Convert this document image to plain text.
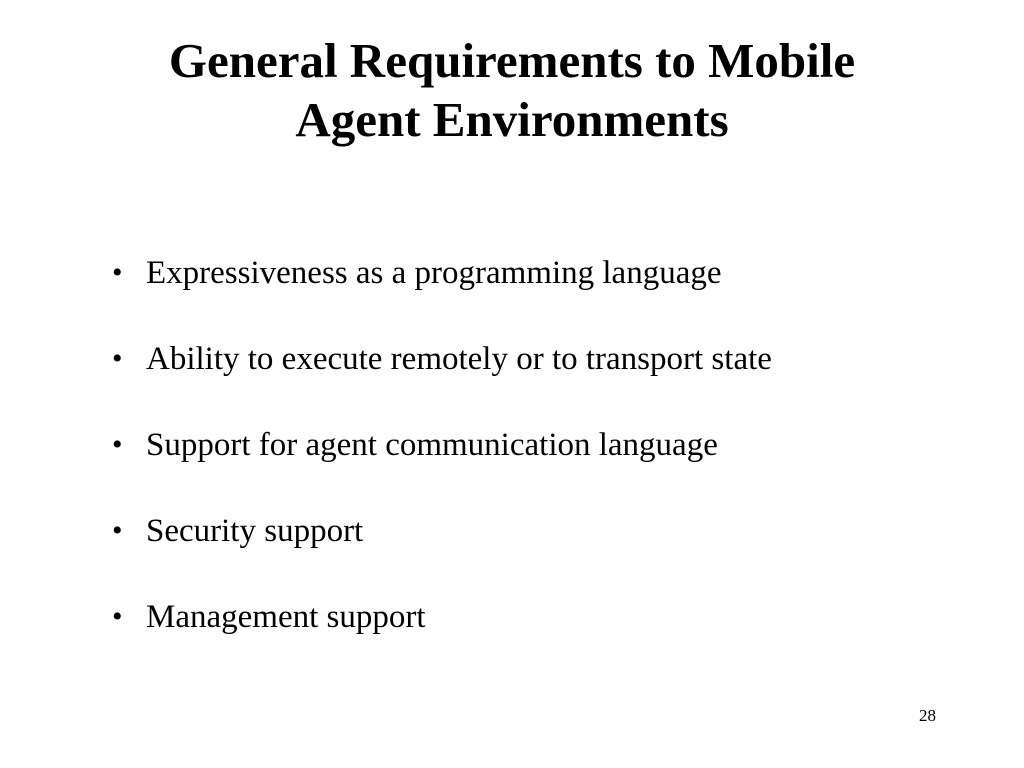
General Requirements to Mobile
Agent Environments
• Expressiveness as a programming language
• Ability to execute remotely or to transport state
• Support for agent communication language
• Security support
• Management support
28
